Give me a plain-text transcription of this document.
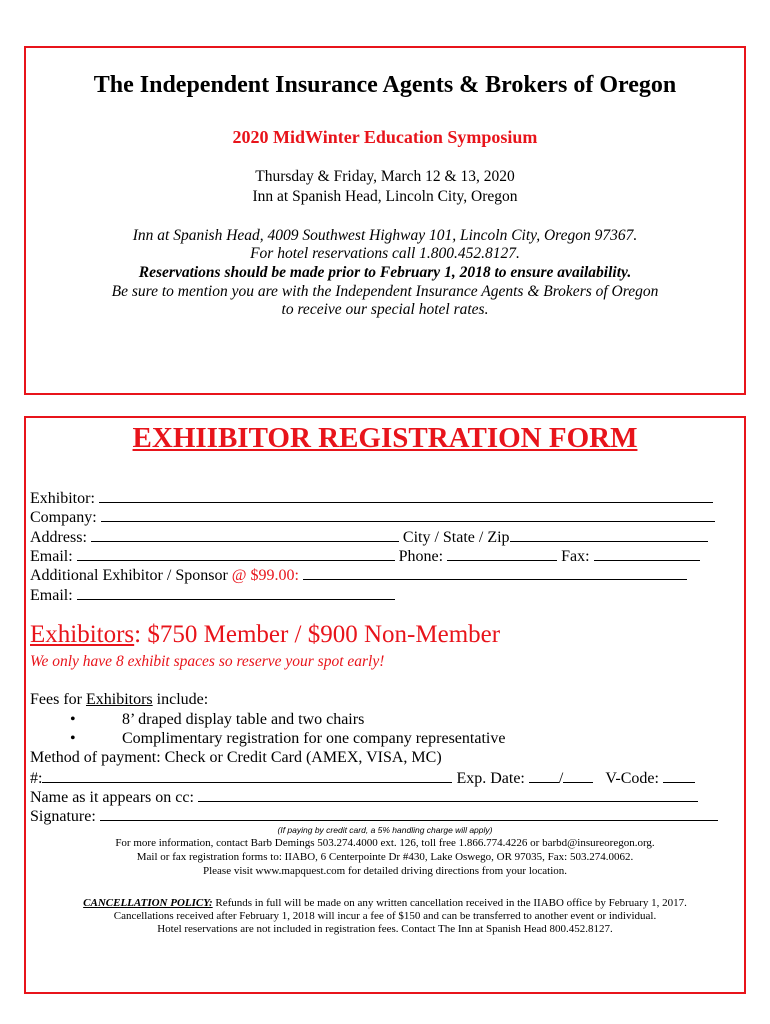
The Independent Insurance Agents & Brokers of Oregon
2020 MidWinter Education Symposium
Thursday & Friday, March 12 & 13, 2020
Inn at Spanish Head, Lincoln City, Oregon
Inn at Spanish Head, 4009 Southwest Highway 101, Lincoln City, Oregon 97367.
For hotel reservations call 1.800.452.8127.
Reservations should be made prior to February 1, 2018 to ensure availability.
Be sure to mention you are with the Independent Insurance Agents & Brokers of Oregon
to receive our special hotel rates.
EXHIIBITOR REGISTRATION FORM
Exhibitor:
Company:
Address:	City / State / Zip
Email:	Phone:	Fax:
Additional Exhibitor / Sponsor @ $99.00:
Email:
Exhibitors: $750 Member / $900 Non-Member
We only have 8 exhibit spaces so reserve your spot early!
Fees for Exhibitors include:
•	8’ draped display table and two chairs
•	Complimentary registration for one company representative
Method of payment: Check or Credit Card (AMEX, VISA, MC)
#:	Exp. Date: /	V-Code:
Name as it appears on cc:
Signature:
(If paying by credit card, a 5% handling charge will apply)
For more information, contact Barb Demings 503.274.4000 ext. 126, toll free 1.866.774.4226 or barbd@insureoregon.org.
Mail or fax registration forms to: IIABO, 6 Centerpointe Dr #430, Lake Oswego, OR 97035, Fax: 503.274.0062.
Please visit www.mapquest.com for detailed driving directions from your location.
CANCELLATION POLICY: Refunds in full will be made on any written cancellation received in the IIABO office by February 1, 2017.
Cancellations received after February 1, 2018 will incur a fee of $150 and can be transferred to another event or individual.
Hotel reservations are not included in registration fees. Contact The Inn at Spanish Head 800.452.8127.
